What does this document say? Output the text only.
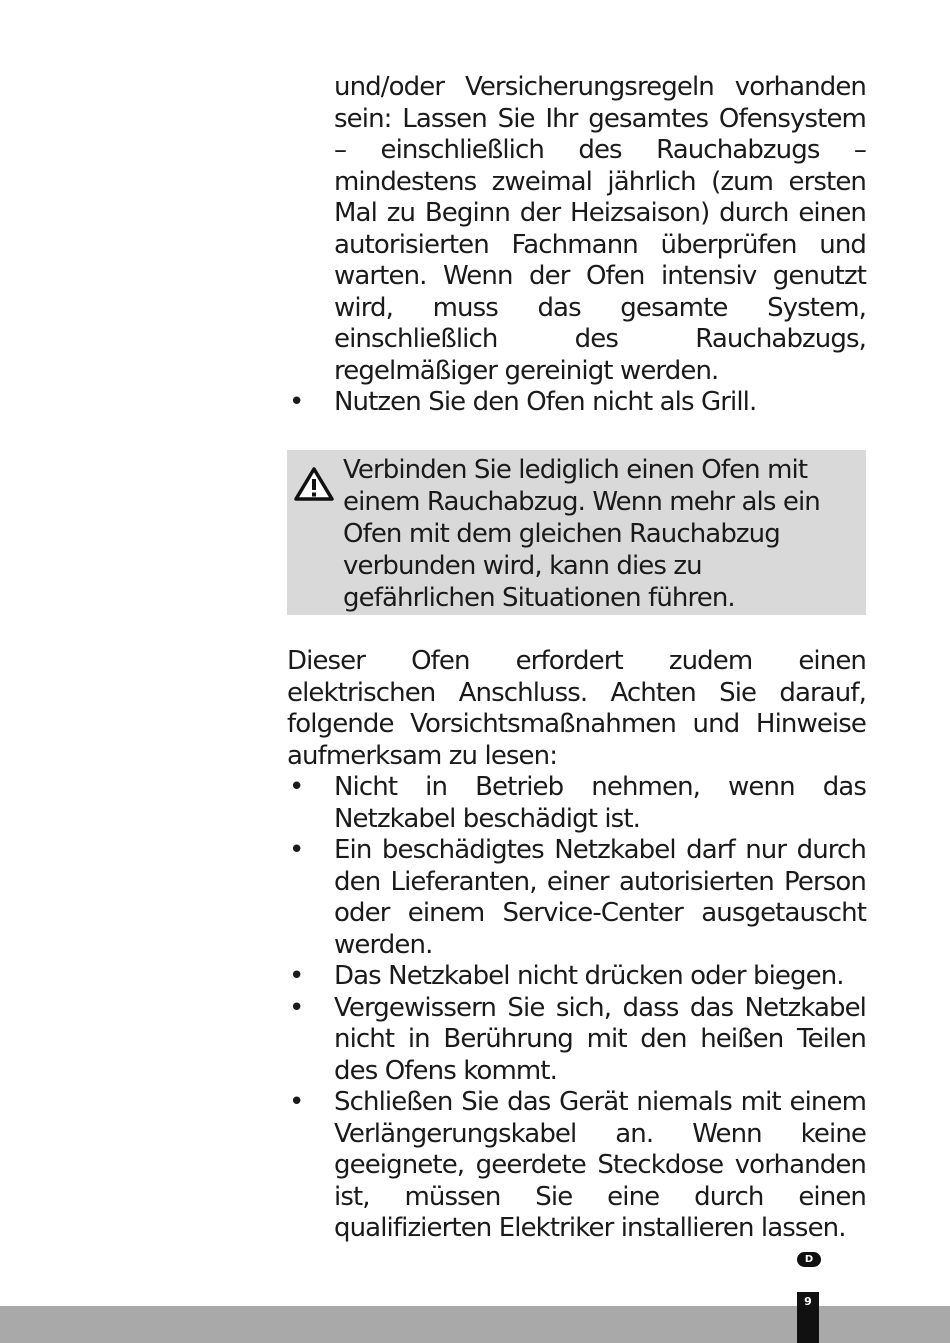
und/oder Versicherungsregeln vorhanden sein: Lassen Sie Ihr gesamtes Ofensystem – einschließlich des Rauchabzugs – mindestens zweimal jährlich (zum ersten Mal zu Beginn der Heizsaison) durch einen autorisierten Fachmann überprüfen und warten. Wenn der Ofen intensiv genutzt wird, muss das gesamte System, einschließlich des Rauchabzugs, regelmäßiger gereinigt werden.
•	Nutzen Sie den Ofen nicht als Grill.

Verbinden Sie lediglich einen Ofen mit einem Rauchabzug. Wenn mehr als ein Ofen mit dem gleichen Rauchabzug verbunden wird, kann dies zu gefährlichen Situationen führen.

Dieser Ofen erfordert zudem einen elektrischen Anschluss. Achten Sie darauf, folgende Vorsichtsmaßnahmen und Hinweise aufmerksam zu lesen:

•	Nicht in Betrieb nehmen, wenn das Netzkabel beschädigt ist.
•	Ein beschädigtes Netzkabel darf nur durch den Lieferanten, einer autorisierten Person oder einem Service-Center ausgetauscht werden.
•	Das Netzkabel nicht drücken oder biegen.
•	Vergewissern Sie sich, dass das Netzkabel nicht in Berührung mit den heißen Teilen des Ofens kommt.
•	Schließen Sie das Gerät niemals mit einem Verlängerungskabel an. Wenn keine geeignete, geerdete Steckdose vorhanden ist, müssen Sie eine durch einen qualifizierten Elektriker installieren lassen.
D
9
